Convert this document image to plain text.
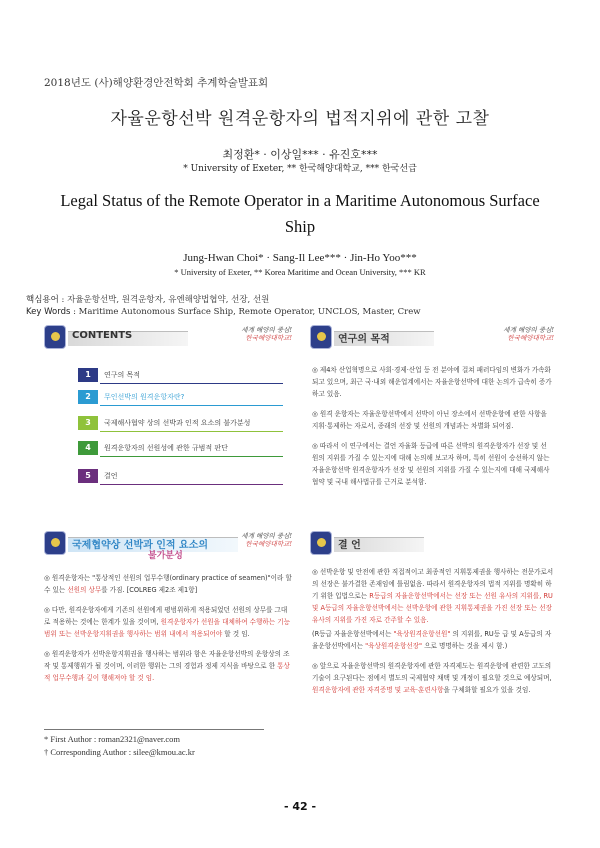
2018년도 (사)해양환경안전학회 추계학술발표회
자율운항선박 원격운항자의 법적지위에 관한 고찰
최정환* · 이상일*** · 유진호***
* University of Exeter, ** 한국해양대학교, *** 한국선급
Legal Status of the Remote Operator in a Maritime Autonomous Surface Ship
Jung-Hwan Choi* · Sang-Il Lee*** · Jin-Ho Yoo***
* University of Exeter, ** Korea Maritime and Ocean University, *** KR
핵심용어 : 자율운항선박, 원격운항자, 유엔해양법협약, 선장, 선원
Key Words : Maritime Autonomous Surface Ship, Remote Operator, UNCLOS, Master, Crew
CONTENTS	세계 해양의 중심!
한국해양대학교!
1	연구의 목적
2	무인선박의 원격운항자란?
3	국제해사협약 상의 선박과 인적 요소의 불가분성
4	원격운항자의 선원성에 관한 규범적 판단
5	결언
연구의 목적
세계 해양의 중심!
한국해양대학교!

◎ 제4차 산업혁명으로 사회·경제·산업 등 전 분야에 걸쳐 패러다임의 변화가 가속화되고 있으며, 최근 국·내외 해운업계에서는 자율운항선박에 대한 논의가 급속히 증가하고 있음.

◎ 원격 운항자는 자율운항선박에서 선박이 아닌 장소에서 선박운항에 관한 사항을 지휘·통제하는 자로서, 종래의 선장 및 선원의 개념과는 차별화 되어짐.

◎ 따라서 이 연구에서는 결언 자율화 등급에 따른 선박의 원격운항자가 선장 및 선원의 지위를 가질 수 있는지에 대해 논의해 보고자 하며, 특히 선원이 승선하지 않는 자율운항선박 원격운항자가 선장 및 선원의 지위를 가질 수 있는지에 대해 국제해사협약 및 국내 해사법규를 근거로 분석함.

국제협약상 선박과 인적 요소의
불가분성
세계 해양의 중심!
한국해양대학교!

◎ 원격운항자는 "통상적인 선원의 업무수행(ordinary practice of seamen)"이라 할 수 있는 선원의 상무를 가짐. [COLREG 제2조 제1항]

◎ 다만, 원격운항자에게 기존의 선원에게 평범위하게 적용되었던 선원의 상무를 그대로 적용하는 것에는 한계가 있을 것이며, 원격운항자가 선원을 대체하여 수행하는 기능범위 또는 선박운항지휘권을 행사하는 범위 내에서 적용되어야 할 것 임.

◎ 원격운항자가 선박운항지휘권을 행사하는 범위라 함은 자율운항선박의 운항상의 조작 및 통제행위가 될 것이며, 이러한 행위는 그의 경험과 정제 지식을 바탕으로 한 통상적 업무수행과 깊이 행해져야 할 것 임.

결 언

◎ 선박운항 및 안전에 관한 직접적이고 최종적인 지휘통제권을 행사하는 전문가로서의 선장은 불가결한 존재임에 틀림없음. 따라서 원격운항자의 법적 지위를 명확히 하기 위한 입법으로는 R등급의 자율운항선박에서는 선장 또는 선원 유사의 지위를, RU 및 A등급의 자율운항선박에서는 선박운항에 관한 지휘통제권을 가진 선장 또는 선장유사의 지위를 가진 자로 간주할 수 있음.

(R등급 자율운항선박에서는 "육상원격운항선원" 의 지위를, RU등 급 및 A등급의 자율운항선박에서는 "육상원격운항선장" 으로 명명하는 것을 제시 함.)

◎ 앞으로 자율운항선박의 원격운항자에 관한 자격제도는 원격운항에 관련한 고도의 기술이 요구된다는 점에서 별도의 국제협약 채택 및 개정이 필요할 것으로 예상되며, 원격운항자에 관한 자격증명 및 교육·훈련사항을 구체화할 필요가 있을 것임.

* First Author : roman2321@naver.com
† Corresponding Author : silee@kmou.ac.kr
- 42 -
